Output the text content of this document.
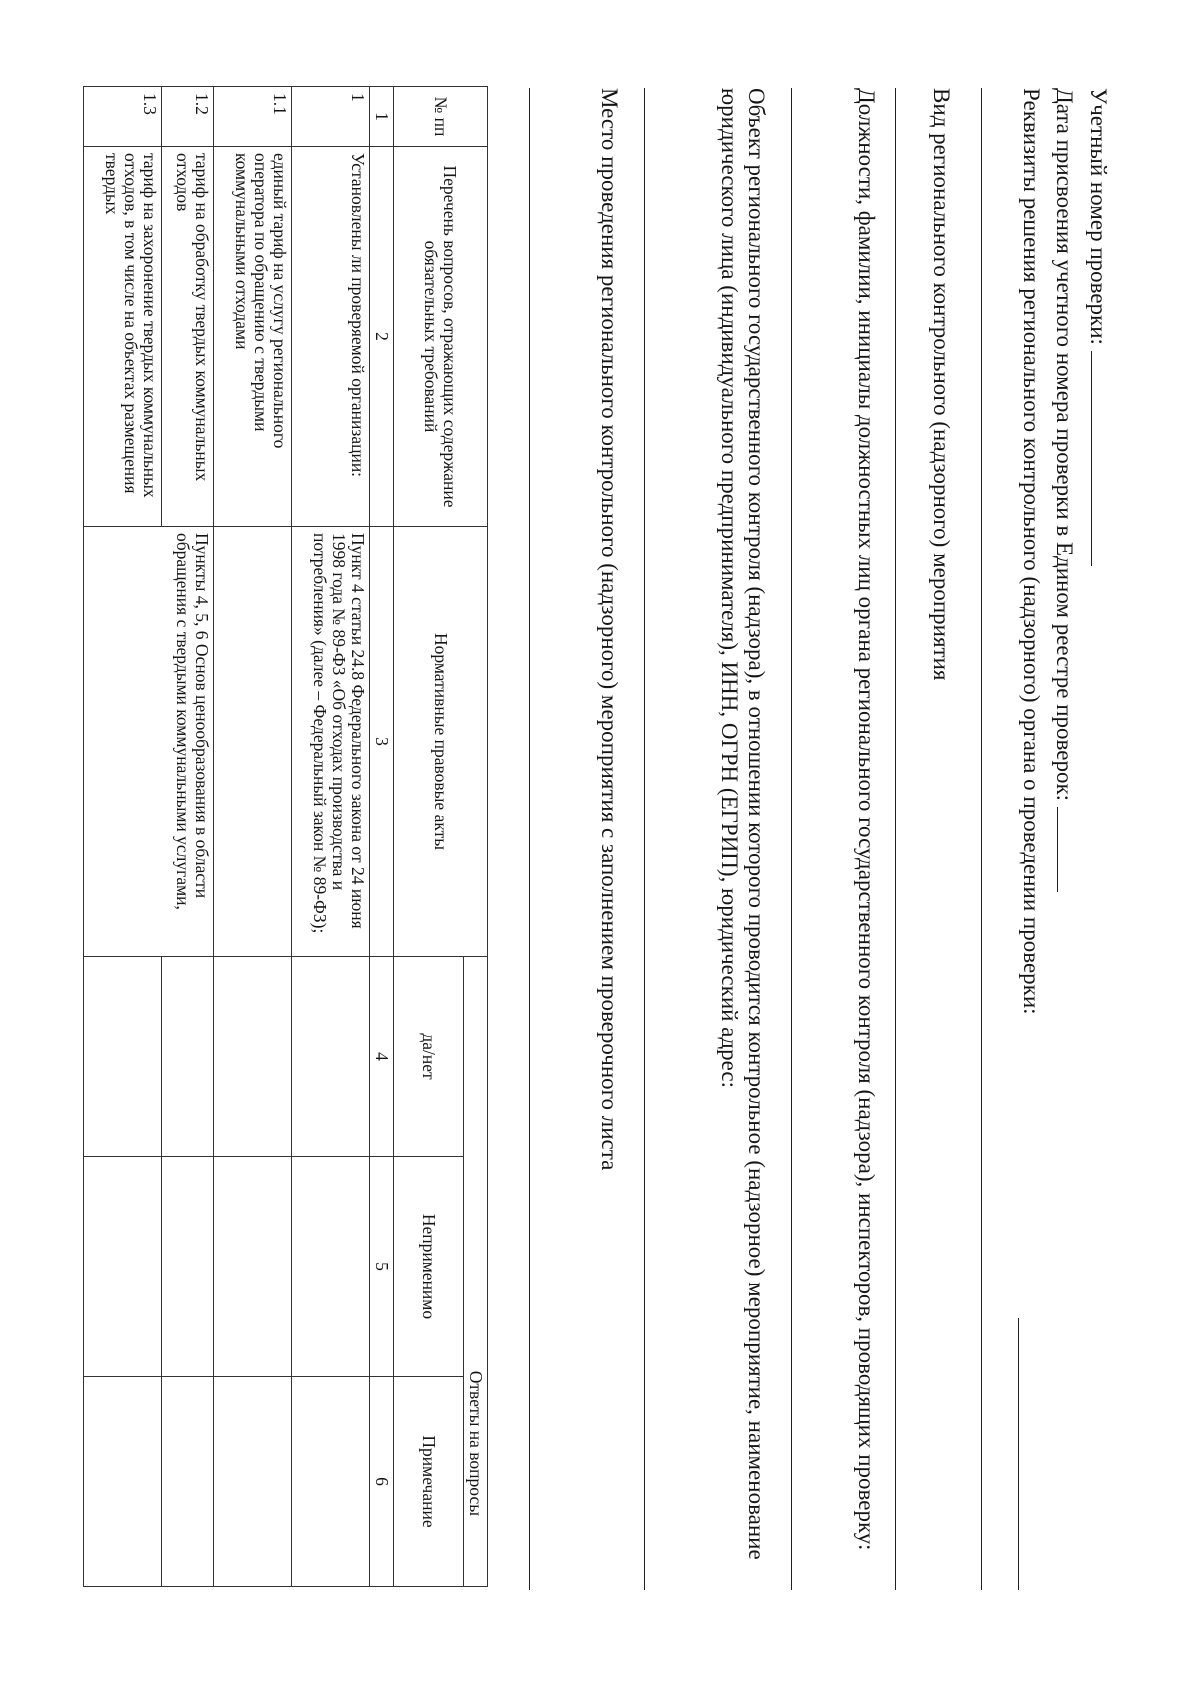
Учетный номер проверки:
Дата присвоения учетного номера проверки в Едином реестре проверок:
Реквизиты решения регионального контрольного (надзорного) органа о проведении проверки:
Вид регионального контрольного (надзорного) мероприятия
Должности, фамилии, инициалы должностных лиц органа регионального государственного контроля (надзора), инспекторов, проводящих проверку:
Объект регионального государственного контроля (надзора), в отношении которого проводится контрольное (надзорное) мероприятие, наименование юридического лица (индивидуального предпринимателя), ИНН, ОГРН (ЕГРИП), юридический адрес:
Место проведения регионального контрольного (надзорного) мероприятия с заполнением проверочного листа
№ пп	Перечень вопросов, отражающих содержание обязательных требований	Нормативные правовые акты	Ответы на вопросы		
			да/нет	Неприменимо	Примечание
1	2	3	4	5	6
1	Установлены ли проверяемой организации:	Пункт 4 статьи 24.8 Федерального закона от 24 июня 1998 года № 89-ФЗ «Об отходах производства и потребления» (далее – Федеральный закон № 89-ФЗ);			
1.1	единый тариф на услугу регионального оператора по обращению с твердыми коммунальными отходами				
1.2	тариф на обработку твердых коммунальных отходов	Пункты 4, 5, 6 Основ ценообразования в области обращения с твердыми коммунальными услугами,			
1.3	тариф на захоронение твердых коммунальных отходов, в том числе на объектах размещения твердых				
